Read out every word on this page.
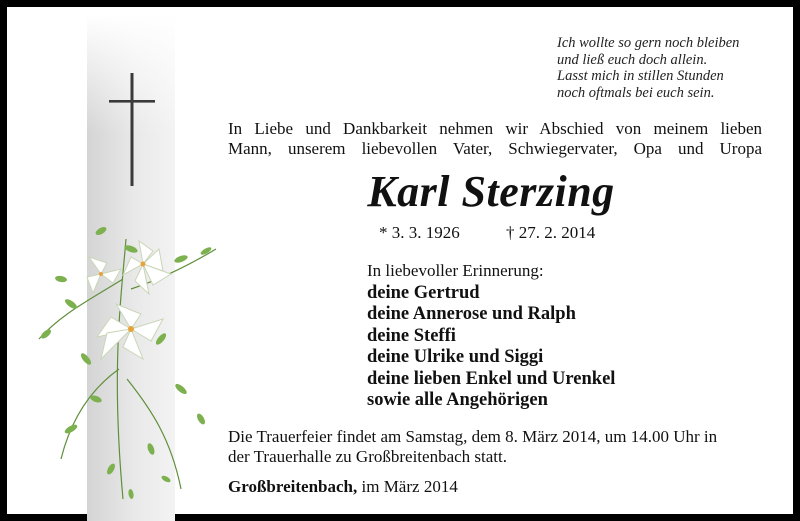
Ich wollte so gern noch bleiben
und ließ euch doch allein.
Lasst mich in stillen Stunden
noch oftmals bei euch sein.
In Liebe und Dankbarkeit nehmen wir Abschied von meinem lieben
Mann, unserem liebevollen Vater, Schwiegervater, Opa und Uropa
Karl Sterzing
* 3. 3. 1926	† 27. 2. 2014
In liebevoller Erinnerung:
deine Gertrud
deine Annerose und Ralph
deine Steffi
deine Ulrike und Siggi
deine lieben Enkel und Urenkel
sowie alle Angehörigen
Die Trauerfeier findet am Samstag, dem 8. März 2014, um 14.00 Uhr in
der Trauerhalle zu Großbreitenbach statt.
Großbreitenbach, im März 2014
